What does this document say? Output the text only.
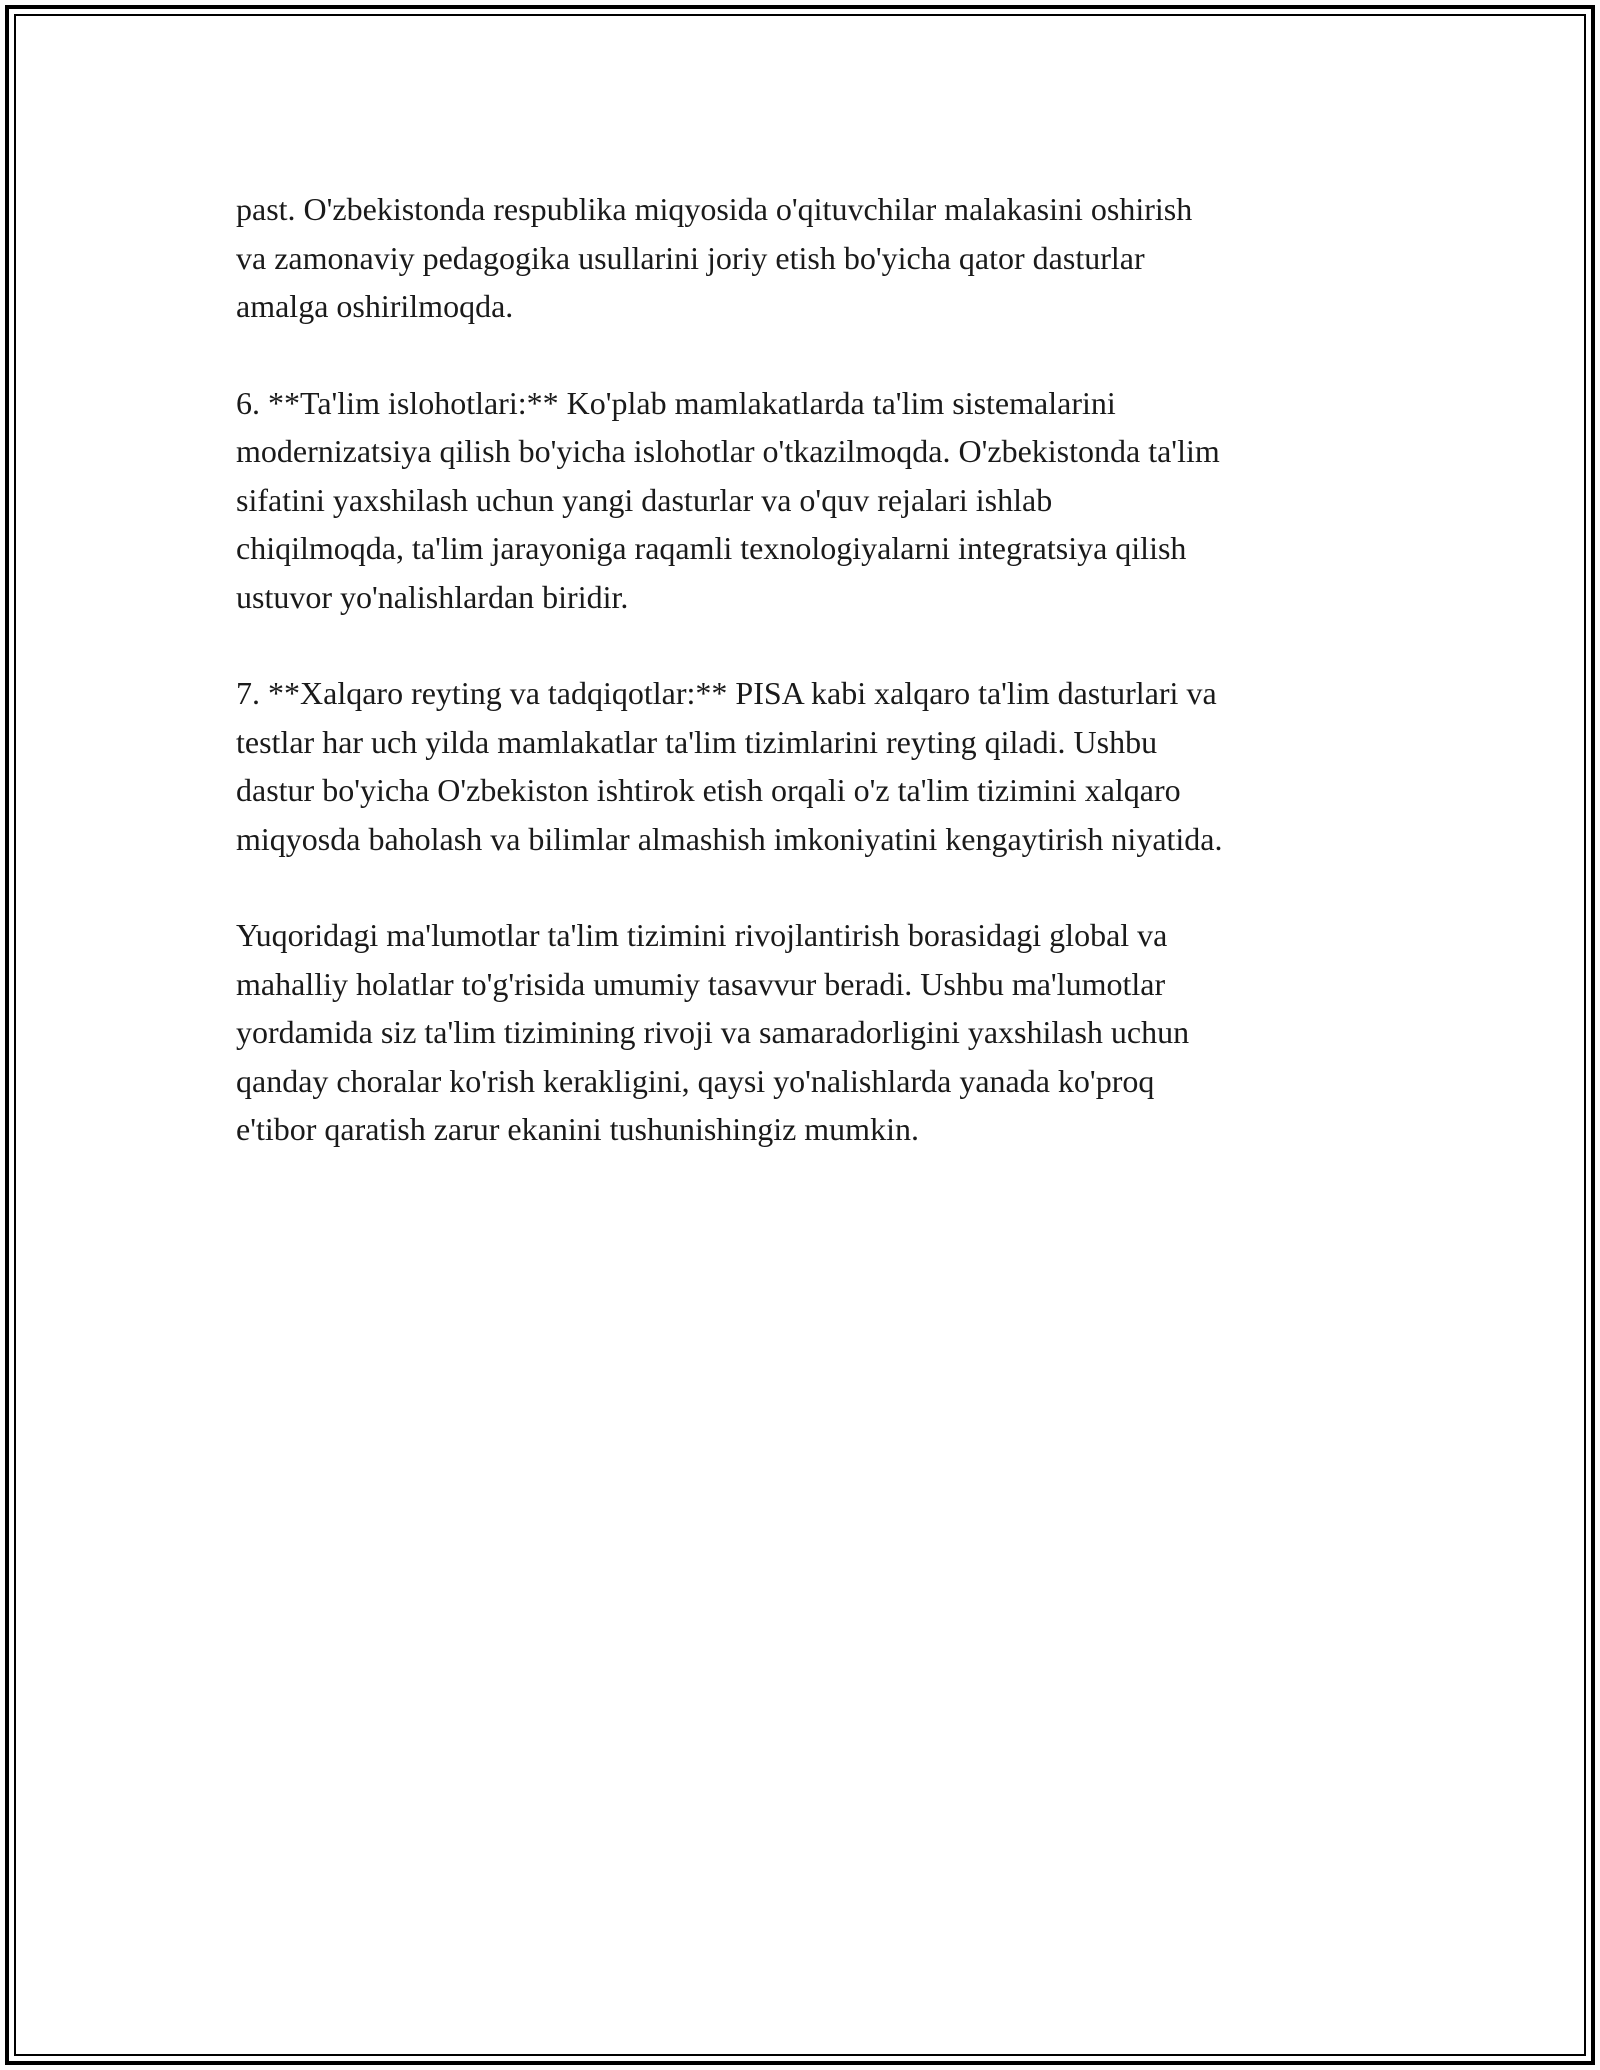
past. O'zbekistonda respublika miqyosida o'qituvchilar malakasini oshirish
va zamonaviy pedagogika usullarini joriy etish bo'yicha qator dasturlar
amalga oshirilmoqda.

6. **Ta'lim islohotlari:** Ko'plab mamlakatlarda ta'lim sistemalarini
modernizatsiya qilish bo'yicha islohotlar o'tkazilmoqda. O'zbekistonda ta'lim
sifatini yaxshilash uchun yangi dasturlar va o'quv rejalari ishlab
chiqilmoqda, ta'lim jarayoniga raqamli texnologiyalarni integratsiya qilish
ustuvor yo'nalishlardan biridir.

7. **Xalqaro reyting va tadqiqotlar:** PISA kabi xalqaro ta'lim dasturlari va
testlar har uch yilda mamlakatlar ta'lim tizimlarini reyting qiladi. Ushbu
dastur bo'yicha O'zbekiston ishtirok etish orqali o'z ta'lim tizimini xalqaro
miqyosda baholash va bilimlar almashish imkoniyatini kengaytirish niyatida.

Yuqoridagi ma'lumotlar ta'lim tizimini rivojlantirish borasidagi global va
mahalliy holatlar to'g'risida umumiy tasavvur beradi. Ushbu ma'lumotlar
yordamida siz ta'lim tizimining rivoji va samaradorligini yaxshilash uchun
qanday choralar ko'rish kerakligini, qaysi yo'nalishlarda yanada ko'proq
e'tibor qaratish zarur ekanini tushunishingiz mumkin.
